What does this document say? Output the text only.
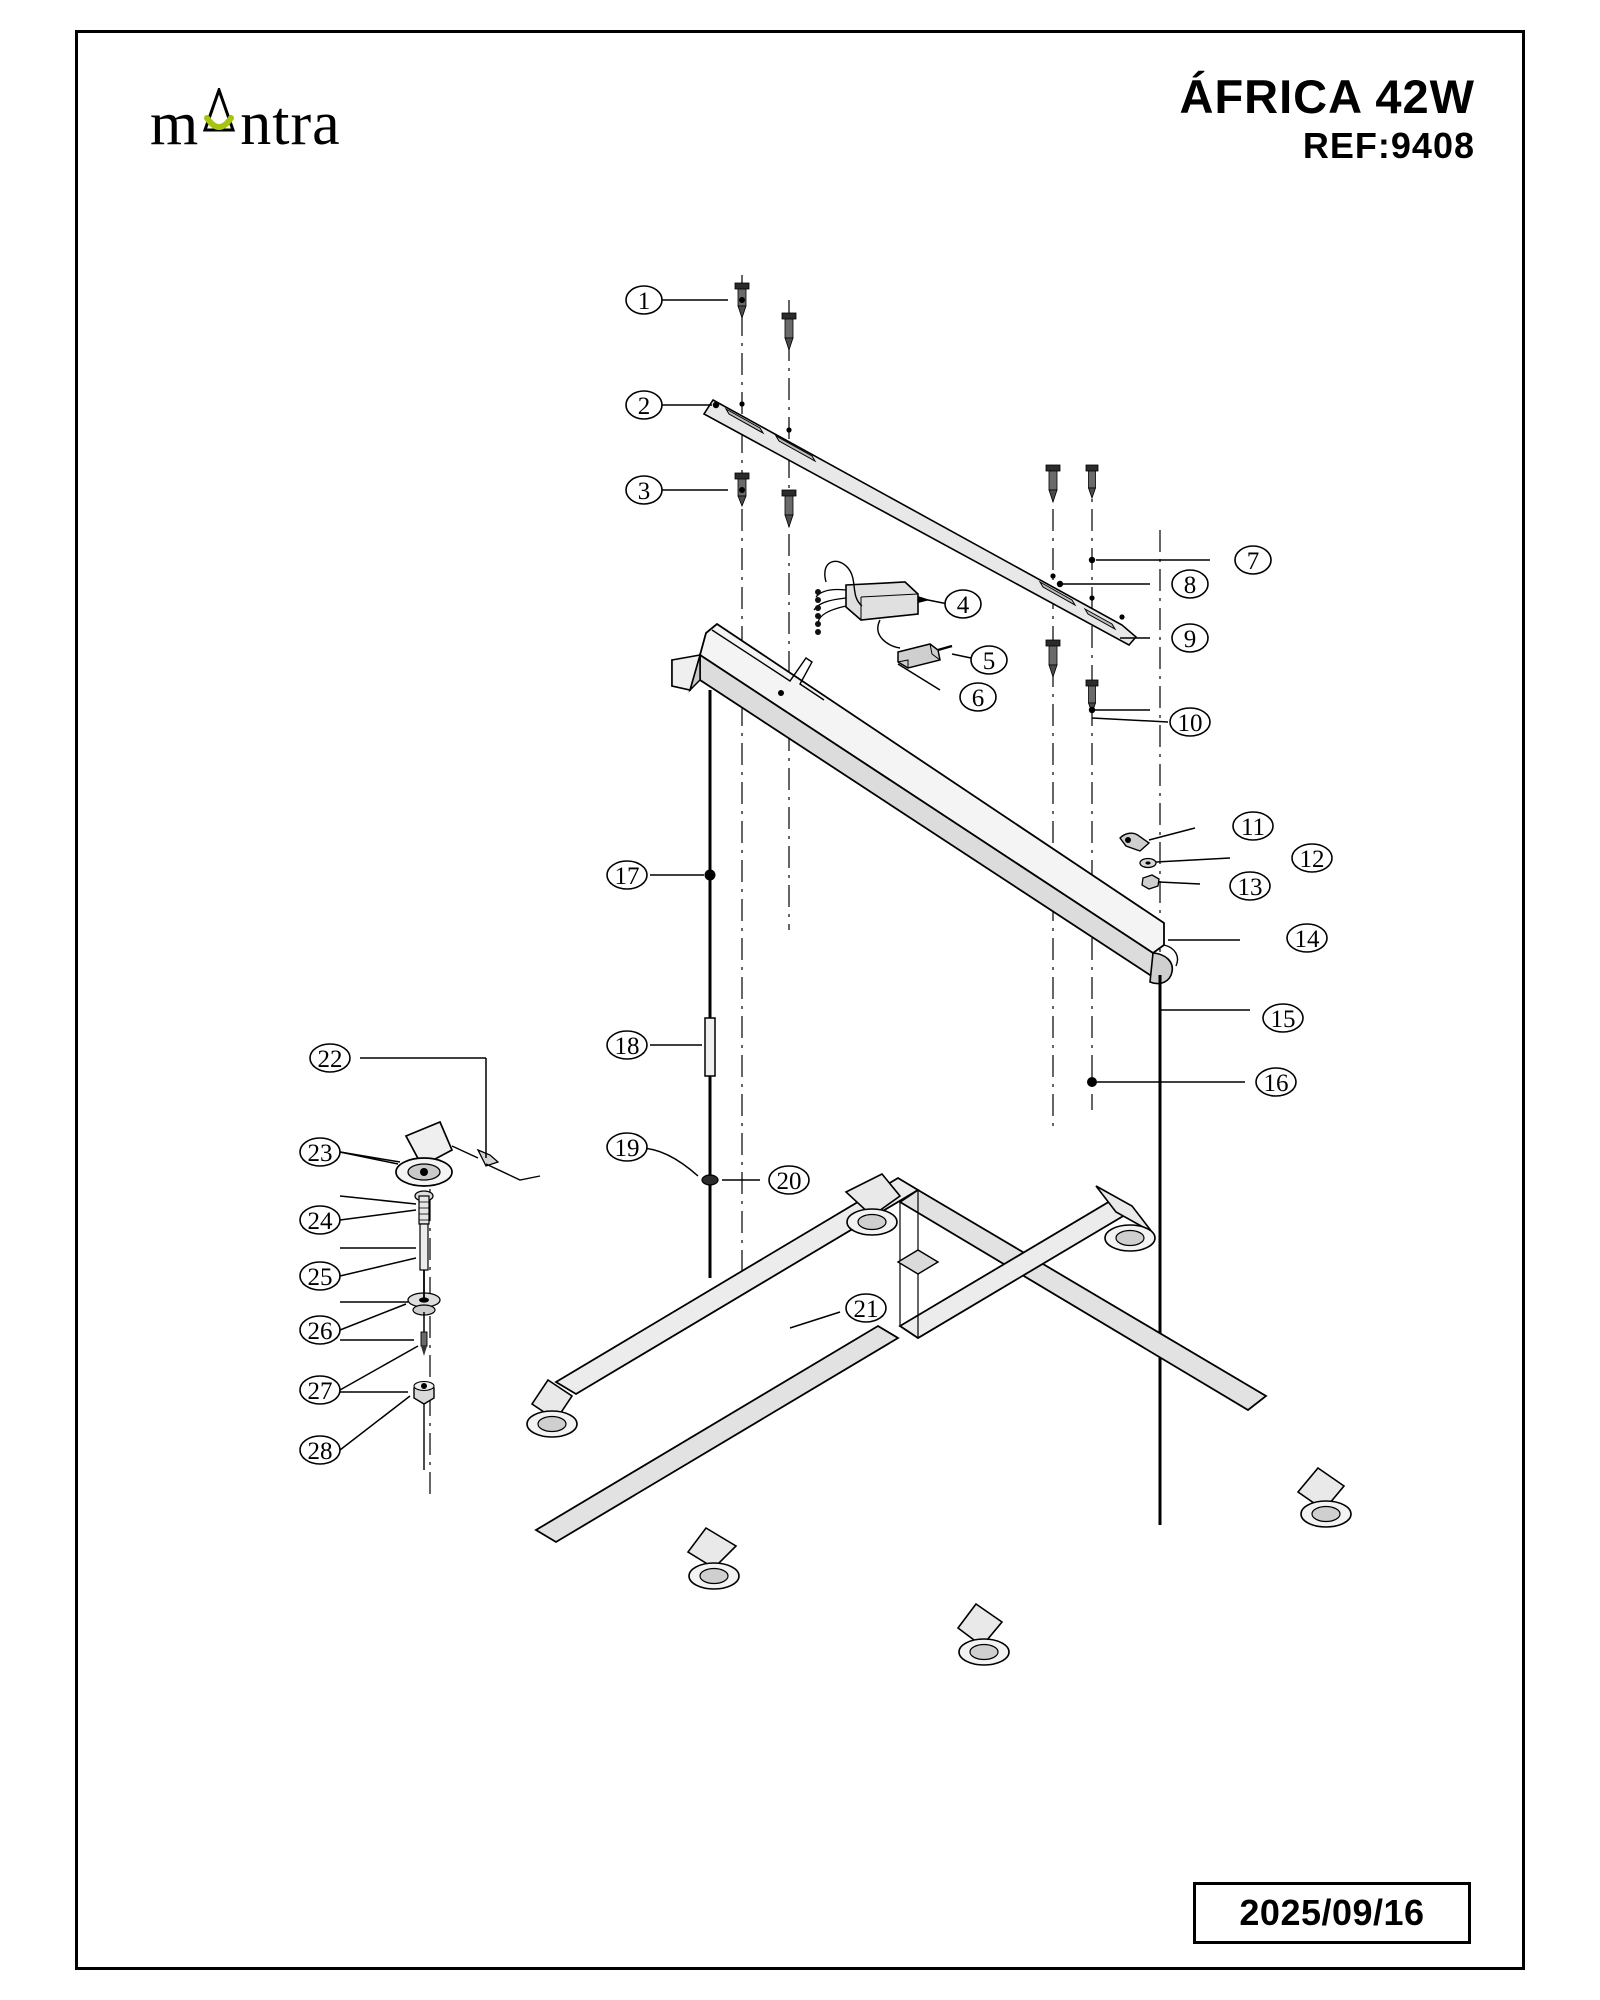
m ntra	ÁFRICA 42W
REF:9408
2025/09/16
1
2
3
4
5
6
7
8
9
10
11
12
13
14
15
16
17
18
19
20
21
22
23
24
25
26
27
28
